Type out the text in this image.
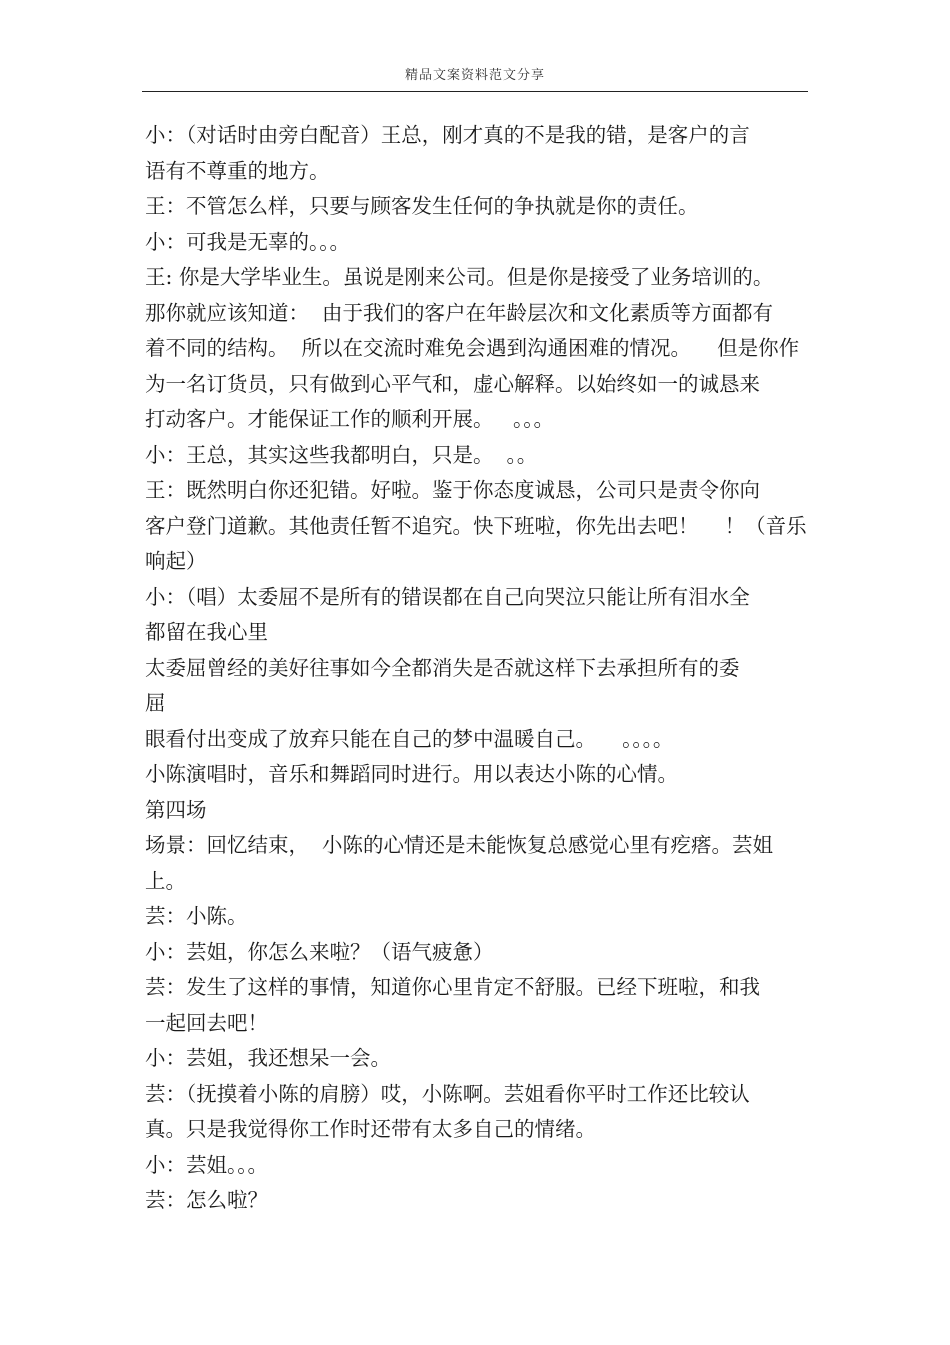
精品文案资料范文分享
小：（对话时由旁白配音）王总，刚才真的不是我的错，是客户的言
语有不尊重的地方。
王：不管怎么样，只要与顾客发生任何的争执就是你的责任。
小：可我是无辜的。。。
王: 你是大学毕业生。虽说是刚来公司。但是你是接受了业务培训的。
那你就应该知道：  由于我们的客户在年龄层次和文化素质等方面都有
着不同的结构。  所以在交流时难免会遇到沟通困难的情况。    但是你作
为一名订货员，只有做到心平气和，虚心解释。以始终如一的诚恳来
打动客户。才能保证工作的顺利开展。   。。。
小：王总，其实这些我都明白，只是。  。。
王：既然明白你还犯错。好啦。鉴于你态度诚恳，公司只是责令你向
客户登门道歉。其他责任暂不追究。快下班啦，你先出去吧！    ！（音乐
响起）
小：（唱）太委屈不是所有的错误都在自己向哭泣只能让所有泪水全
都留在我心里
太委屈曾经的美好往事如今全都消失是否就这样下去承担所有的委
屈
眼看付出变成了放弃只能在自己的梦中温暖自己。    。。。。
小陈演唱时，音乐和舞蹈同时进行。用以表达小陈的心情。
第四场
场景：回忆结束，  小陈的心情还是未能恢复总感觉心里有疙瘩。芸姐
上。
芸：小陈。
小：芸姐，你怎么来啦？（语气疲惫）
芸：发生了这样的事情，知道你心里肯定不舒服。已经下班啦，和我
一起回去吧！
小：芸姐，我还想呆一会。
芸：（抚摸着小陈的肩膀）哎，小陈啊。芸姐看你平时工作还比较认
真。只是我觉得你工作时还带有太多自己的情绪。
小：芸姐。。。
芸：怎么啦？
